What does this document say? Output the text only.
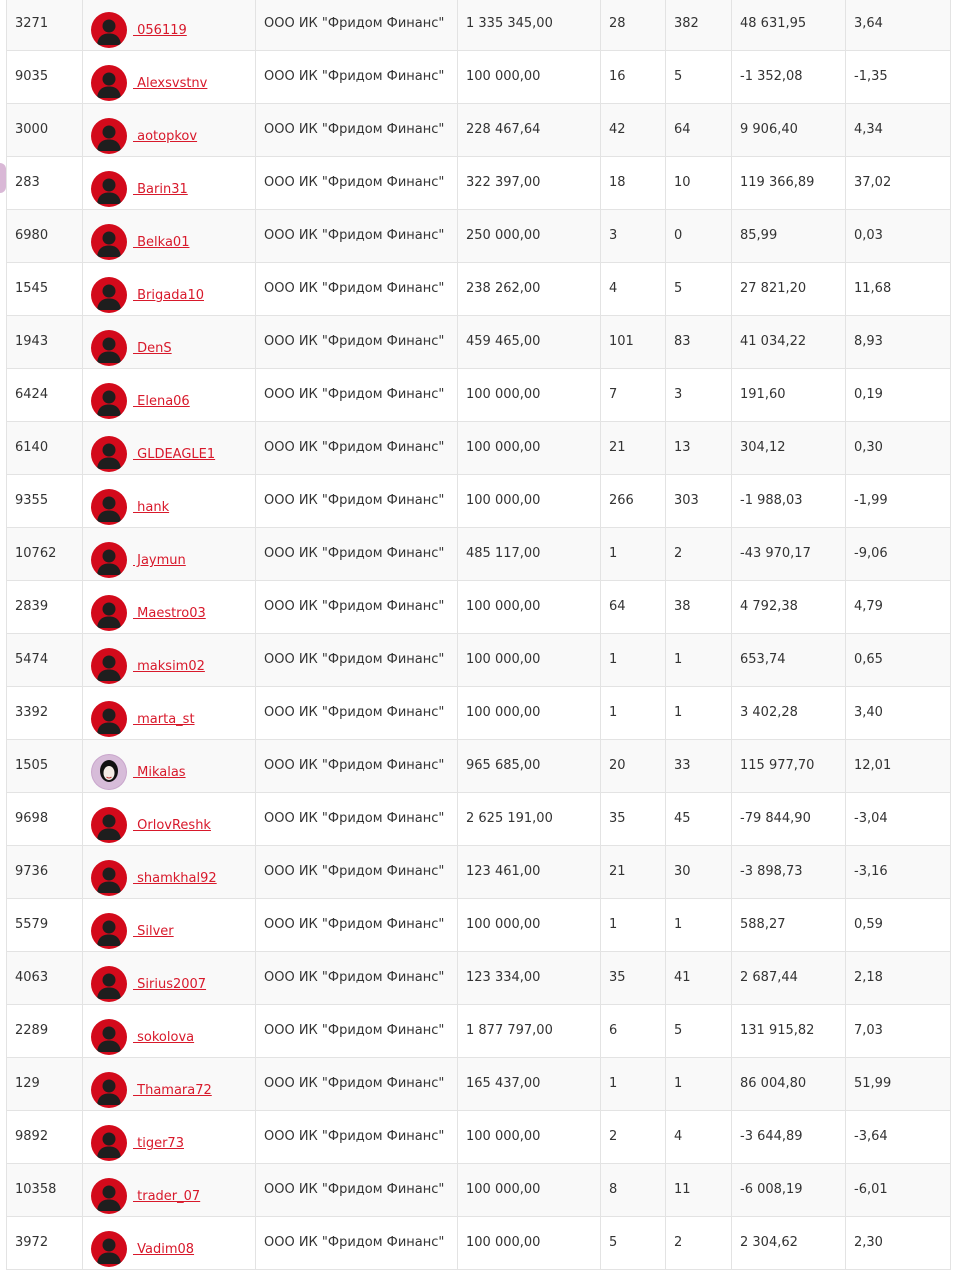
3271	056119	ООО ИК "Фридом Финанс"	1 335 345,00	28	382	48 631,95	3,64

9035	Alexsvstnv	ООО ИК "Фридом Финанс"	100 000,00	16	5	-1 352,08	-1,35

3000	aotopkov	ООО ИК "Фридом Финанс"	228 467,64	42	64	9 906,40	4,34

283	Barin31	ООО ИК "Фридом Финанс"	322 397,00	18	10	119 366,89	37,02

6980	Belka01	ООО ИК "Фридом Финанс"	250 000,00	3	0	85,99	0,03

1545	Brigada10	ООО ИК "Фридом Финанс"	238 262,00	4	5	27 821,20	11,68

1943	DenS	ООО ИК "Фридом Финанс"	459 465,00	101	83	41 034,22	8,93

6424	Elena06	ООО ИК "Фридом Финанс"	100 000,00	7	3	191,60	0,19

6140	GLDEAGLE1	ООО ИК "Фридом Финанс"	100 000,00	21	13	304,12	0,30

9355	hank	ООО ИК "Фридом Финанс"	100 000,00	266	303	-1 988,03	-1,99

10762	Jaymun	ООО ИК "Фридом Финанс"	485 117,00	1	2	-43 970,17	-9,06

2839	Maestro03	ООО ИК "Фридом Финанс"	100 000,00	64	38	4 792,38	4,79

5474	maksim02	ООО ИК "Фридом Финанс"	100 000,00	1	1	653,74	0,65

3392	marta_st	ООО ИК "Фридом Финанс"	100 000,00	1	1	3 402,28	3,40

1505	Mikalas	ООО ИК "Фридом Финанс"	965 685,00	20	33	115 977,70	12,01

9698	OrlovReshk	ООО ИК "Фридом Финанс"	2 625 191,00	35	45	-79 844,90	-3,04

9736	shamkhal92	ООО ИК "Фридом Финанс"	123 461,00	21	30	-3 898,73	-3,16

5579	Silver	ООО ИК "Фридом Финанс"	100 000,00	1	1	588,27	0,59

4063	Sirius2007	ООО ИК "Фридом Финанс"	123 334,00	35	41	2 687,44	2,18

2289	sokolova	ООО ИК "Фридом Финанс"	1 877 797,00	6	5	131 915,82	7,03

129	Thamara72	ООО ИК "Фридом Финанс"	165 437,00	1	1	86 004,80	51,99

9892	tiger73	ООО ИК "Фридом Финанс"	100 000,00	2	4	-3 644,89	-3,64

10358	trader_07	ООО ИК "Фридом Финанс"	100 000,00	8	11	-6 008,19	-6,01

3972	Vadim08	ООО ИК "Фридом Финанс"	100 000,00	5	2	2 304,62	2,30
